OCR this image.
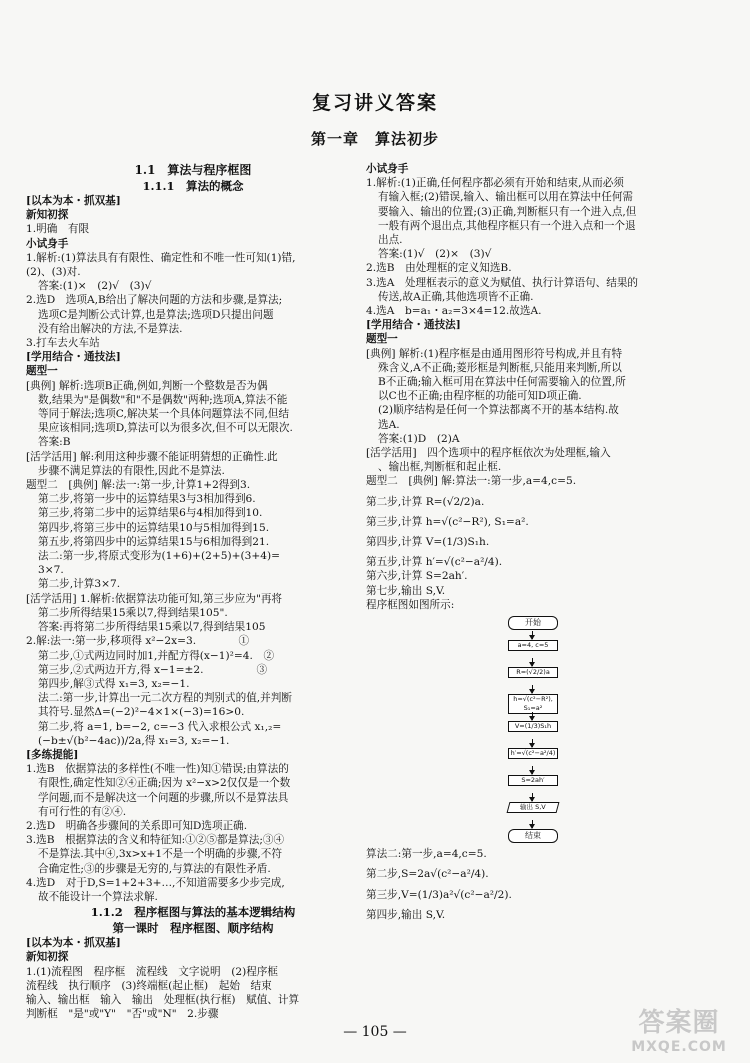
复习讲义答案
第一章　算法初步

1.1　算法与程序框图

1.1.1　算法的概念

[以本为本・抓双基]

新知初探

1.明确　有限

小试身手

1.解析:(1)算法具有有限性、确定性和不唯一性可知(1)错,

(2)、(3)对.

答案:(1)×　(2)√　(3)√

2.选D　选项A,B给出了解决问题的方法和步骤,是算法;

选项C是判断公式计算,也是算法;选项D只提出问题

没有给出解决的方法,不是算法.

3.打车去火车站

[学用结合・通技法]

题型一

[典例] 解析:选项B正确,例如,判断一个整数是否为偶

数,结果为"是偶数"和"不是偶数"两种;选项A,算法不能

等同于解法;选项C,解决某一个具体问题算法不同,但结

果应该相同;选项D,算法可以为很多次,但不可以无限次.

答案:B

[活学活用] 解:利用这种步骤不能证明猜想的正确性.此

步骤不满足算法的有限性,因此不是算法.

题型二　[典例] 解:法一:第一步,计算1+2得到3.

第二步,将第一步中的运算结果3与3相加得到6.

第三步,将第二步中的运算结果6与4相加得到10.

第四步,将第三步中的运算结果10与5相加得到15.

第五步,将第四步中的运算结果15与6相加得到21.

法二:第一步,将原式变形为(1+6)+(2+5)+(3+4)=

3×7.

第二步,计算3×7.

[活学活用] 1.解析:依据算法功能可知,第三步应为"再将

第二步所得结果15乘以7,得到结果105".

答案:再将第二步所得结果15乘以7,得到结果105

2.解:法一:第一步,移项得 x²−2x=3.　　　　①

第二步,①式两边同时加1,并配方得(x−1)²=4.　②

第三步,②式两边开方,得 x−1=±2.　　　　　③

第四步,解③式得 x₁=3, x₂=−1.

法二:第一步,计算出一元二次方程的判别式的值,并判断

其符号.显然Δ=(−2)²−4×1×(−3)=16>0.

第二步,将 a=1, b=−2, c=−3 代入求根公式 x₁,₂=

(−b±√(b²−4ac))/2a,得 x₁=3, x₂=−1.

[多练提能]

1.选B　依据算法的多样性(不唯一性)知①错误;由算法的

有限性,确定性知②④正确;因为 x²−x>2仅仅是一个数

学问题,而不是解决这一个问题的步骤,所以不是算法具

有可行性的有②④.

2.选D　明确各步骤间的关系即可知D选项正确.

3.选B　根据算法的含义和特征知:①②⑤都是算法;③④

不是算法.其中④,3x>x+1不是一个明确的步骤,不符

合确定性;③的步骤是无穷的,与算法的有限性矛盾.

4.选D　对于D,S=1+2+3+…,不知道需要多少步完成,

故不能设计一个算法求解.

1.1.2　程序框图与算法的基本逻辑结构

第一课时　程序框图、顺序结构

[以本为本・抓双基]

新知初探

1.(1)流程图　程序框　流程线　文字说明　(2)程序框

流程线　执行顺序　(3)终端框(起止框)　起始　结束

输入、输出框　输入　输出　处理框(执行框)　赋值、计算

判断框　"是"或"Y"　"否"或"N"　2.步骤

小试身手

1.解析:(1)正确,任何程序都必须有开始和结束,从而必须

有输入框;(2)错误,输入、输出框可以用在算法中任何需

要输入、输出的位置;(3)正确,判断框只有一个进入点,但

一般有两个退出点,其他程序框只有一个进入点和一个退

出点.

答案:(1)√　(2)×　(3)√

2.选B　由处理框的定义知选B.

3.选A　处理框表示的意义为赋值、执行计算语句、结果的

传送,故A正确,其他选项皆不正确.

4.选A　b=a₁・a₂=3×4=12.故选A.

[学用结合・通技法]

题型一

[典例] 解析:(1)程序框是由通用图形符号构成,并且有特

殊含义,A不正确;菱形框是判断框,只能用来判断,所以

B不正确;输入框可用在算法中任何需要输入的位置,所

以C也不正确;由程序框的功能可知D项正确.

(2)顺序结构是任何一个算法都离不开的基本结构.故

选A.

答案:(1)D　(2)A

[活学活用]　四个选项中的程序框依次为处理框,输入

、输出框,判断框和起止框.

题型二　[典例] 解:算法一:第一步,a=4,c=5.

第二步,计算 R=(√2/2)a.

第三步,计算 h=√(c²−R²), S₁=a².

第四步,计算 V=(1/3)S₁h.

第五步,计算 h′=√(c²−a²/4).

第六步,计算 S=2ah′.

第七步,输出 S,V.

程序框图如图所示:

开始
a=4, c=5
R=(√2/2)a
h=√(c²−R²), S₁=a²
V=(1/3)S₁h
h′=√(c²−a²/4)
S=2ah′
输出 S,V
结束

算法二:第一步,a=4,c=5.

第二步,S=2a√(c²−a²/4).

第三步,V=(1/3)a²√(c²−a²/2).

第四步,输出 S,V.

— 105 —	答案圈
MXQE.COM
